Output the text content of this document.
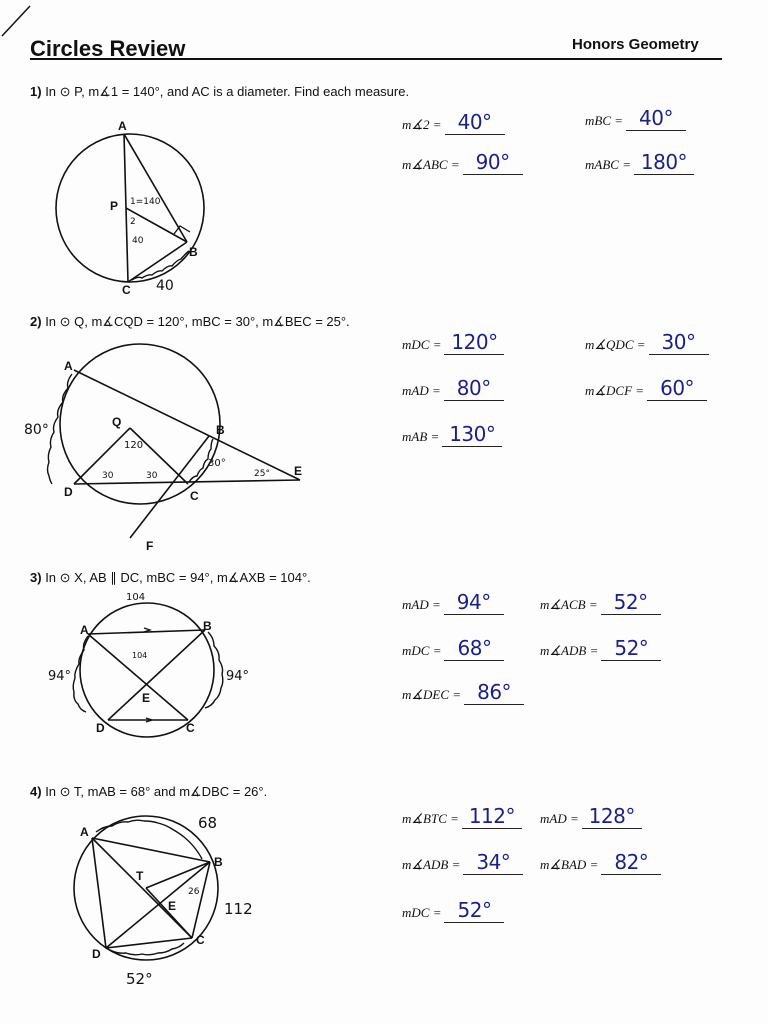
Circles Review	Honors Geometry
1) In ⊙ P, m∡1 = 140°, and AC is a diameter. Find each measure.
A
P
B
C
1=140
2
40
40
m∡2 = 40°	mBC = 40°
m∡ABC = 90°	mABC = 180°
2) In ⊙ Q, m∡CQD = 120°, mBC = 30°, m∡BEC = 25°.
A
Q
B
E
D	C
F
80°
120
30	30
30°
25°
mDC = 120°	m∡QDC = 30°
mAD = 80°	m∡DCF = 60°
mAB = 130°
3) In ⊙ X, AB ∥ DC, mBC = 94°, m∡AXB = 104°.
A	B
E
D	C
104
104
94°	94°
mAD = 94°	m∡ACB = 52°
mDC = 68°	m∡ADB = 52°
m∡DEC = 86°
4) In ⊙ T, mAB = 68° and m∡DBC = 26°.
A
B
T
E
D
C
68
26
112
52°
m∡BTC = 112°	mAD = 128°
m∡ADB = 34°	m∡BAD = 82°
mDC = 52°
